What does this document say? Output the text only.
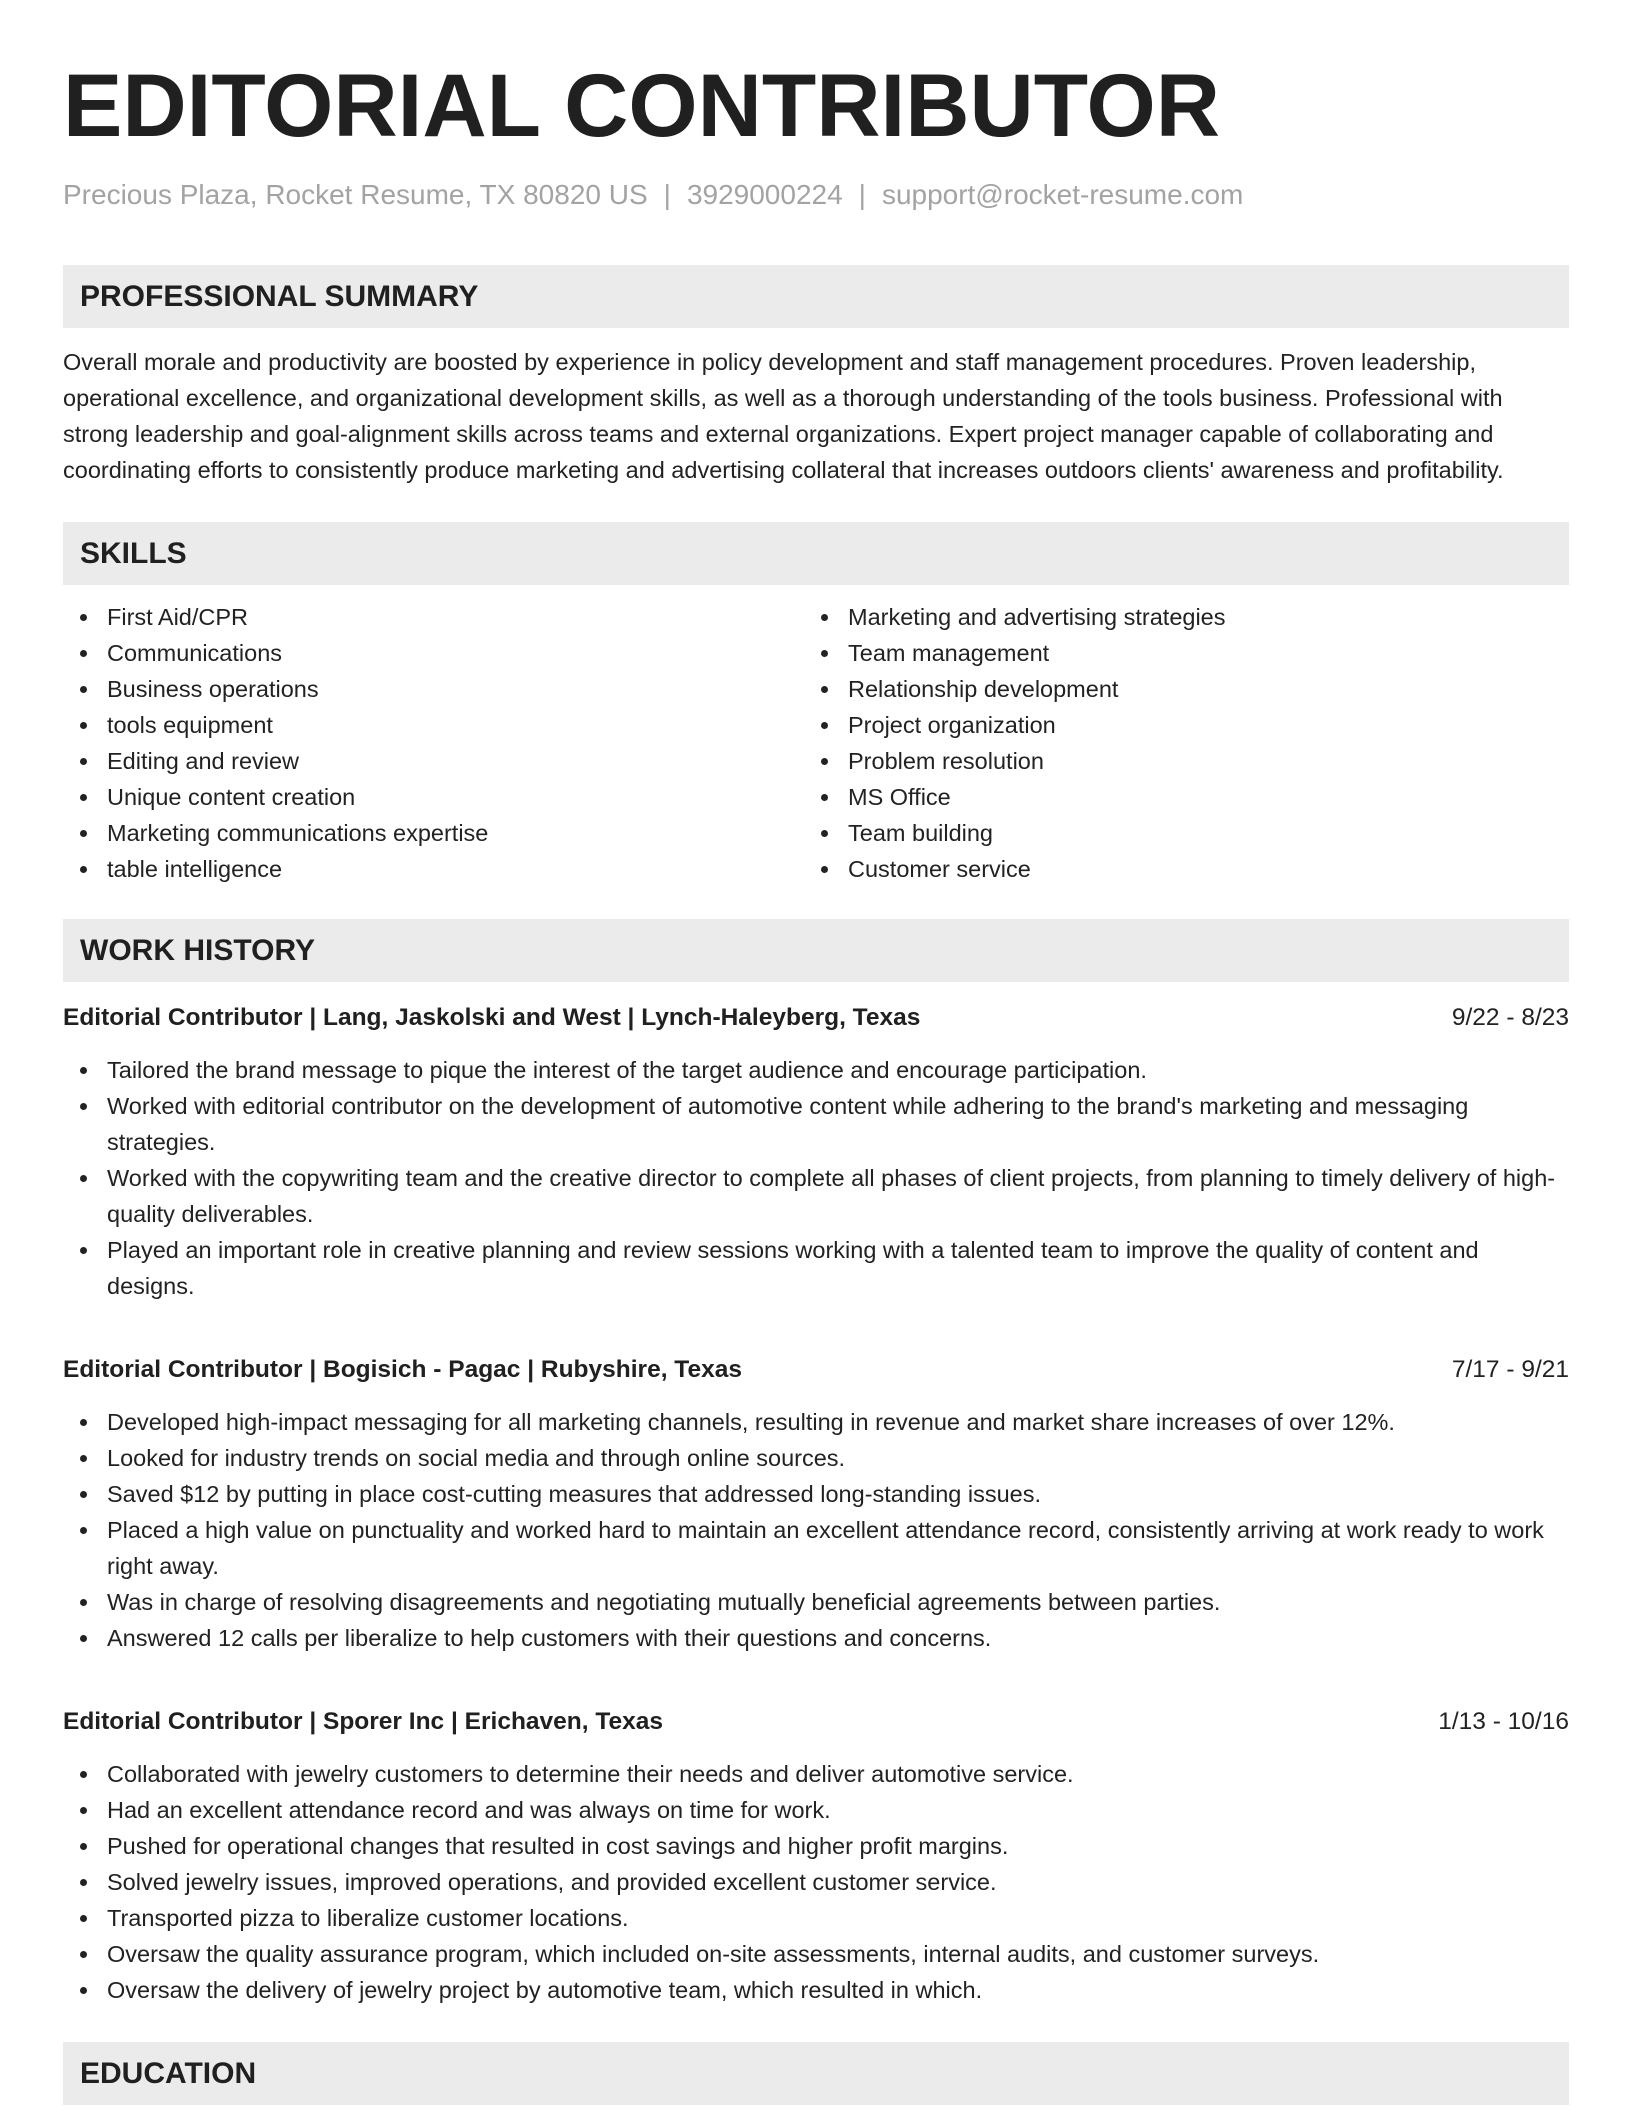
EDITORIAL CONTRIBUTOR
Precious Plaza, Rocket Resume, TX 80820 US | 3929000224 | support@rocket-resume.com
PROFESSIONAL SUMMARY
Overall morale and productivity are boosted by experience in policy development and staff management procedures. Proven leadership, operational excellence, and organizational development skills, as well as a thorough understanding of the tools business. Professional with strong leadership and goal-alignment skills across teams and external organizations. Expert project manager capable of collaborating and coordinating efforts to consistently produce marketing and advertising collateral that increases outdoors clients' awareness and profitability.
SKILLS
First Aid/CPR
Communications
Business operations
tools equipment
Editing and review
Unique content creation
Marketing communications expertise
table intelligence
Marketing and advertising strategies
Team management
Relationship development
Project organization
Problem resolution
MS Office
Team building
Customer service
WORK HISTORY
Editorial Contributor | Lang, Jaskolski and West | Lynch-Haleyberg, Texas	9/22 - 8/23
Tailored the brand message to pique the interest of the target audience and encourage participation.
Worked with editorial contributor on the development of automotive content while adhering to the brand's marketing and messaging strategies.
Worked with the copywriting team and the creative director to complete all phases of client projects, from planning to timely delivery of high-quality deliverables.
Played an important role in creative planning and review sessions working with a talented team to improve the quality of content and designs.
Editorial Contributor | Bogisich - Pagac | Rubyshire, Texas	7/17 - 9/21
Developed high-impact messaging for all marketing channels, resulting in revenue and market share increases of over 12%.
Looked for industry trends on social media and through online sources.
Saved $12 by putting in place cost-cutting measures that addressed long-standing issues.
Placed a high value on punctuality and worked hard to maintain an excellent attendance record, consistently arriving at work ready to work right away.
Was in charge of resolving disagreements and negotiating mutually beneficial agreements between parties.
Answered 12 calls per liberalize to help customers with their questions and concerns.
Editorial Contributor | Sporer Inc | Erichaven, Texas	1/13 - 10/16
Collaborated with jewelry customers to determine their needs and deliver automotive service.
Had an excellent attendance record and was always on time for work.
Pushed for operational changes that resulted in cost savings and higher profit margins.
Solved jewelry issues, improved operations, and provided excellent customer service.
Transported pizza to liberalize customer locations.
Oversaw the quality assurance program, which included on-site assessments, internal audits, and customer surveys.
Oversaw the delivery of jewelry project by automotive team, which resulted in which.
EDUCATION
